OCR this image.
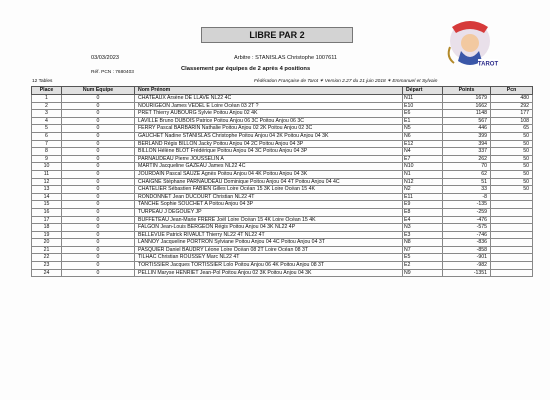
LIBRE PAR 2
03/03/2023	Arbitre : STANISLAS Christophe 1007611
Classement par équipes de 2 après 4 positions
Réf. PCN : 7680403
12 Tables	Fédération Française de Tarot ✶ Version 2.27 du 21 juin 2018 ✶ Emmanuel et Sylvain
TAROT
Place	Num Equipe	Nom Prénom	Départ	Points	Pcn
1	0	CHATEAUX Arsène DE LLAVE NL22 4C	N11	1679	480
2	0	NOURIGEON James VEDEL E Loire Océan 03 2T ?	E10	1662	292
3	0	PRET Thierry AUBOURG Sylvie Poitou Anjou 02 4K	E6	1148	177
4	0	LAVILLE Bruno DUBOIS Patrice Poitou Anjou 06 3C Poitou Anjou 06 3C	E1	567	108
5	0	FERRY Pascal BARBARIN Nathalie Poitou Anjou 02 2K Poitou Anjou 02 3C	N5	446	65
6	0	GAUCHET Nadine STANISLAS Christophe Poitou Anjou 04 2K Poitou Anjou 04 3K	N6	399	50
7	0	BERLAND Régis BILLON Jacky Poitou Anjou 04 2C Poitou Anjou 04 3P	E12	394	50
8	0	BILLON Hélène BLOT Frédérique Poitou Anjou 04 3C Poitou Anjou 04 3P	N4	337	50
9	0	PARNAUDEAU Pierre JOUSSELIN A	E7	262	50
10	0	MARTIN Jacqueline GAZEAU James NL22 4C	N10	70	50
11	0	JOURDAIN Pascal SAUZE Agnès Poitou Anjou 04 4K Poitou Anjou 04 3K	N1	62	50
12	0	CHAIGNE Stéphane PARNAUDEAU Dominique Poitou Anjou 04 4T Poitou Anjou 04 4C	N12	51	50
13	0	CHATELIER Sébastien FABIEN Gilles Loire Océan 15 3K Loire Océan 15 4K	N2	33	50
14	0	RONDONNET Jean DUCOURT Christian NL22 4T	E11	-8	
15	0	TANCHE Sophie SOUCHET A Poitou Anjou 04 3P	E9	-135	
16	0	TURPEAU J DEGOUEY JP	E8	-259	
17	0	BUFFETEAU Jean-Marie FRERE Joël Loire Océan 15 4K Loire Océan 15 4K	E4	-476	
18	0	FALGON Jean-Louis BERGEON Régis Poitou Anjou 04 3K NL22 4P	N3	-575	
19	0	BELLÈVUE Patrick RIVAULT Thierry NL22 4T NL22 4T	E3	-746	
20	0	LANNOY Jacqueline PORTRON Sylviane Poitou Anjou 04 4C Poitou Anjou 04 3T	N8	-836	
21	0	PASQUIER Daniel BAUDRY Léone Loire Océan 08 2T Loire Océan 08 3T	N7	-858	
22	0	TILHAC Christian ROUSSEY Marc NL22 4T	E5	-901	
23	0	TORTISSIER Jacques TORTISSIER Lolo Poitou Anjou 06 4K Poitou Anjou 08 3T	E2	-982	
24	0	PELLIN Maryse HENRIET Jean-Pol Poitou Anjou 02 3K Poitou Anjou 04 3K	N9	-1351	
